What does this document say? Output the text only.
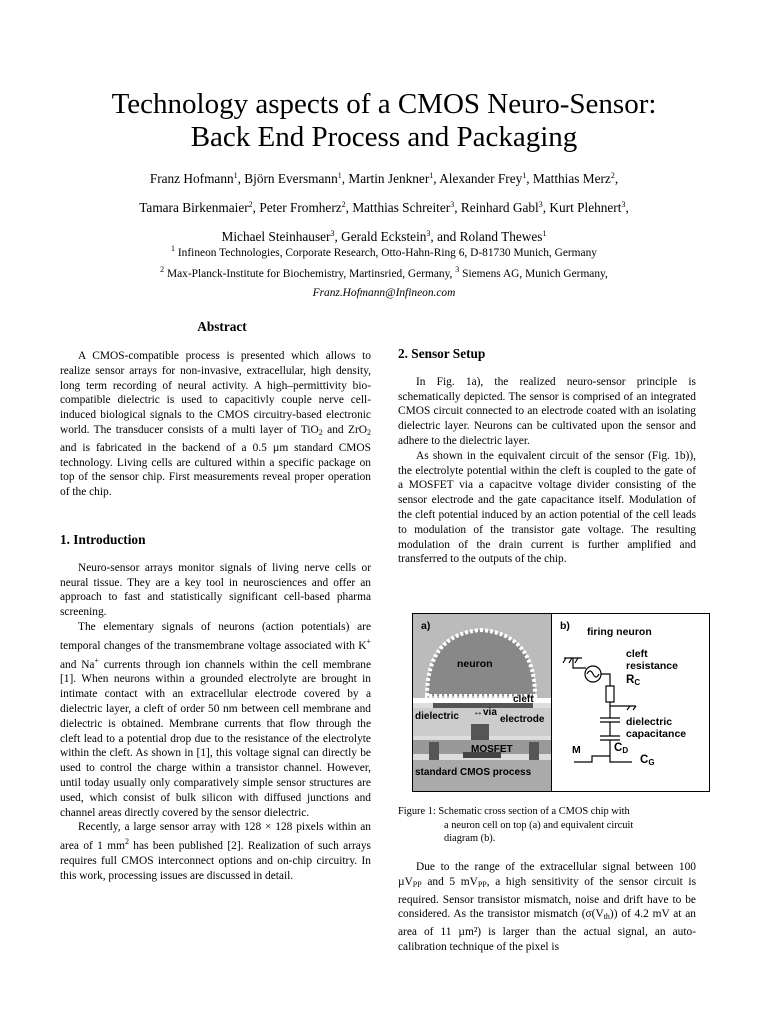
Technology aspects of a CMOS Neuro-Sensor:
Back End Process and Packaging
Franz Hofmann$^1$, Björn Eversmann$^1$, Martin Jenkner$^1$, Alexander Frey$^1$, Matthias Merz$^2$,
Tamara Birkenmaier$^2$, Peter Fromherz$^2$, Matthias Schreiter$^3$, Reinhard Gabl$^3$, Kurt Plehnert$^3$,
Michael Steinhauser$^3$, Gerald Eckstein$^3$, and Roland Thewes$^1$
$^1$ Infineon Technologies, Corporate Research, Otto-Hahn-Ring 6, D-81730 Munich, Germany
$^2$ Max-Planck-Institute for Biochemistry, Martinsried, Germany, $^3$ Siemens AG, Munich Germany,
Franz.Hofmann@Infineon.com
Abstract

A CMOS-compatible process is presented which allows to realize sensor arrays for non-invasive, extracellular, high density, long term recording of neural activity. A high–permittivity bio-compatible dielectric is used to capacitivly couple nerve cell-induced biological signals to the CMOS circuitry-based electronic world. The transducer consists of a multi layer of TiO$_2$ and ZrO$_2$ and is fabricated in the backend of a 0.5 µm standard CMOS technology. Living cells are cultured within a specific package on top of the sensor chip. First measurements reveal proper operation of the chip.

1. Introduction

Neuro-sensor arrays monitor signals of living nerve cells or neural tissue. They are a key tool in neurosciences and offer an approach to fast and statistically significant cell-based pharma screening.

The elementary signals of neurons (action potentials) are temporal changes of the transmembrane voltage associated with K+ and Na+ currents through ion channels within the cell membrane [1]. When neurons within a grounded electrolyte are brought in intimate contact with an extracellular electrode covered by a dielectric layer, a cleft of order 50 nm between cell membrane and dielectric is obtained. Membrane currents that flow through the cleft lead to a potential drop due to the resistance of the electrolyte within the cleft. As shown in [1], this voltage signal can directly be used to control the charge within a transistor channel. However, until today usually only comparatively simple sensor structures are used, which consist of bulk silicon with diffused junctions and channel areas directly covered by the sensor dielectric.

Recently, a large sensor array with 128 × 128 pixels within an area of 1 $mm^2$ has been published [2]. Realization of such arrays requires full CMOS interconnect options and on-chip circuitry. In this work, processing issues are discussed in detail.

2. Sensor Setup

In Fig. 1a), the realized neuro-sensor principle is schematically depicted. The sensor is comprised of an integrated CMOS circuit connected to an electrode coated with an isolating dielectric layer. Neurons can be cultivated upon the sensor and adhere to the dielectric layer.

As shown in the equivalent circuit of the sensor (Fig. 1b)), the electrolyte potential within the cleft is coupled to the gate of a MOSFET via a capacitve voltage divider consisting of the sensor electrode and the gate capacitance itself. Modulation of the cleft potential induced by an action potential of the cell leads to modulation of the transistor gate voltage. The resulting modulation of the drain current is further amplified and transferred to the outputs of the chip.

a)
neuron
cleft
dielectric ↔via
electrode
MOSFET
standard CMOS process
b) firing neuron
cleft
resistance
$R_C$
dielectric
capacitance
M	$C_D$
$C_G$
Figure 1: Schematic cross section of a CMOS chip with
a neuron cell on top (a) and equivalent circuit
diagram (b).

Due to the range of the extracellular signal between 100 µV$_{PP}$ and 5 $mV_{PP}$, a high sensitivity of the sensor circuit is required. Sensor transistor mismatch, noise and drift have to be considered. As the transistor mismatch $(\sigma(V_{th}))$ of 4.2 mV at an area of 11 µm²) is larger than the actual signal, an auto-calibration technique of the pixel is
